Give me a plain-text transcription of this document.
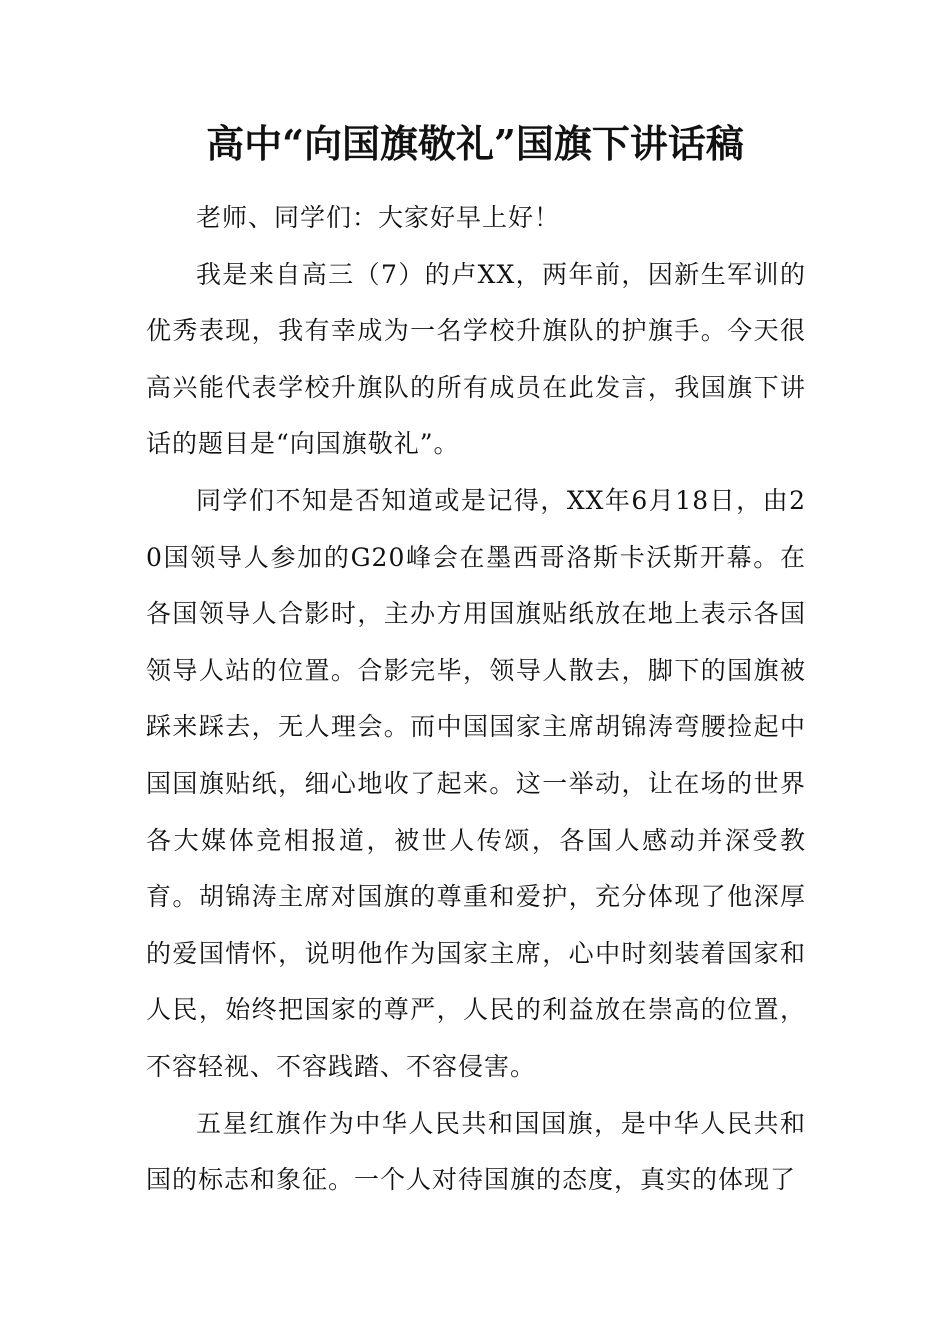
高中“向国旗敬礼”国旗下讲话稿

老师、同学们：大家好早上好！

我是来自高三（7）的卢XX，两年前，因新生军训的优秀表现，我有幸成为一名学校升旗队的护旗手。今天很高兴能代表学校升旗队的所有成员在此发言，我国旗下讲话的题目是“向国旗敬礼”。

同学们不知是否知道或是记得，XX年6月18日，由20国领导人参加的G20峰会在墨西哥洛斯卡沃斯开幕。在各国领导人合影时，主办方用国旗贴纸放在地上表示各国领导人站的位置。合影完毕，领导人散去，脚下的国旗被踩来踩去，无人理会。而中国国家主席胡锦涛弯腰捡起中国国旗贴纸，细心地收了起来。这一举动，让在场的世界各大媒体竞相报道，被世人传颂，各国人感动并深受教育。胡锦涛主席对国旗的尊重和爱护，充分体现了他深厚的爱国情怀，说明他作为国家主席，心中时刻装着国家和人民，始终把国家的尊严，人民的利益放在崇高的位置，不容轻视、不容践踏、不容侵害。

五星红旗作为中华人民共和国国旗，是中华人民共和国的标志和象征。一个人对待国旗的态度，真实的体现了
